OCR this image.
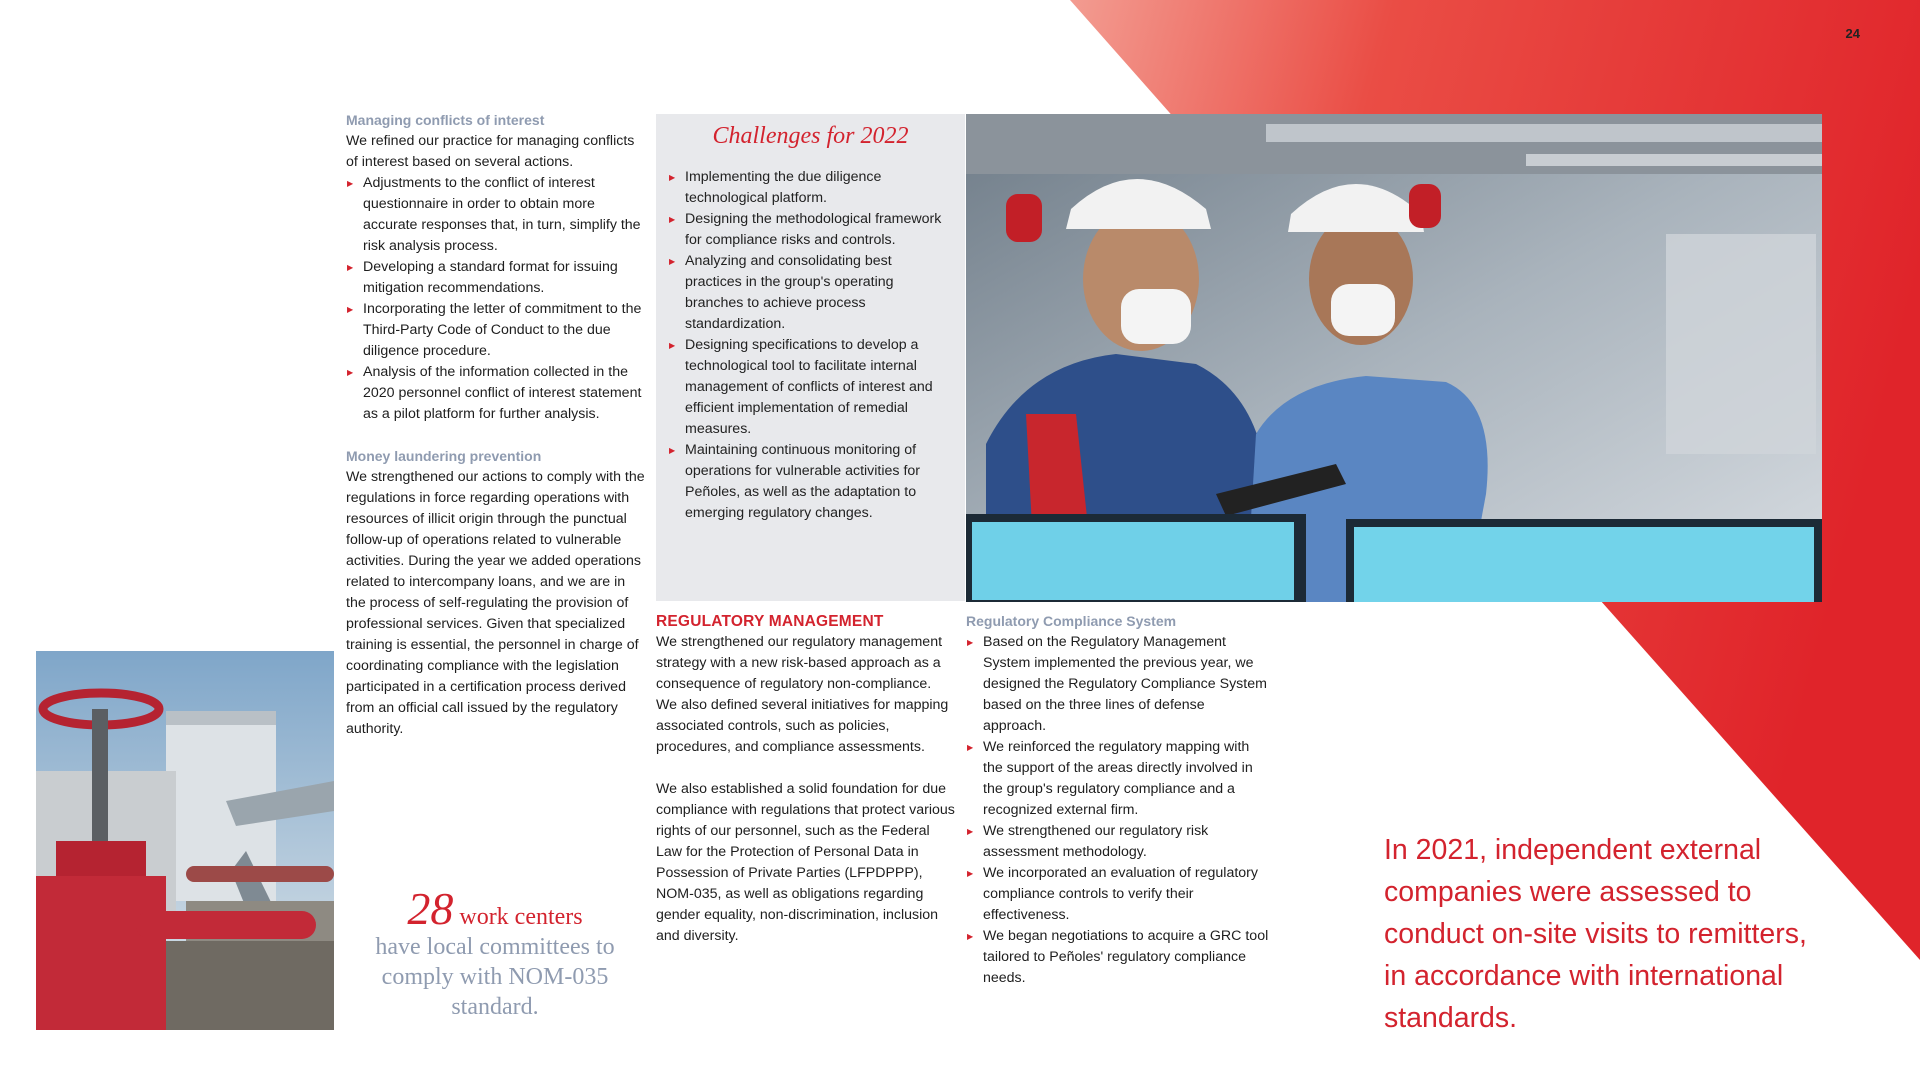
24
Managing conflicts of interest

We refined our practice for managing conflicts of interest based on several actions.

▶ Adjustments to the conflict of interest questionnaire in order to obtain more accurate responses that, in turn, simplify the risk analysis process.
▶ Developing a standard format for issuing mitigation recommendations.
▶ Incorporating the letter of commitment to the Third-Party Code of Conduct to the due diligence procedure.
▶ Analysis of the information collected in the 2020 personnel conflict of interest statement as a pilot platform for further analysis.
Money laundering prevention

We strengthened our actions to comply with the regulations in force regarding operations with resources of illicit origin through the punctual follow-up of operations related to vulnerable activities. During the year we added operations related to intercompany loans, and we are in the process of self-regulating the provision of professional services. Given that specialized training is essential, the personnel in charge of coordinating compliance with the legislation participated in a certification process derived from an official call issued by the regulatory authority.

Challenges for 2022
▶ Implementing the due diligence technological platform.
▶ Designing the methodological framework for compliance risks and controls.
▶ Analyzing and consolidating best practices in the group's operating branches to achieve process standardization.
▶ Designing specifications to develop a technological tool to facilitate internal management of conflicts of interest and efficient implementation of remedial measures.
▶ Maintaining continuous monitoring of operations for vulnerable activities for Peñoles, as well as the adaptation to emerging regulatory changes.
REGULATORY MANAGEMENT

We strengthened our regulatory management strategy with a new risk-based approach as a consequence of regulatory non-compliance. We also defined several initiatives for mapping associated controls, such as policies, procedures, and compliance assessments.

We also established a solid foundation for due compliance with regulations that protect various rights of our personnel, such as the Federal Law for the Protection of Personal Data in Possession of Private Parties (LFPDPPP), NOM-035, as well as obligations regarding gender equality, non-discrimination, inclusion and diversity.

Regulatory Compliance System
▶ Based on the Regulatory Management System implemented the previous year, we designed the Regulatory Compliance System based on the three lines of defense approach.
▶ We reinforced the regulatory mapping with the support of the areas directly involved in the group's regulatory compliance and a recognized external firm.
▶ We strengthened our regulatory risk assessment methodology.
▶ We incorporated an evaluation of regulatory compliance controls to verify their effectiveness.
▶ We began negotiations to acquire a GRC tool tailored to Peñoles' regulatory compliance needs.
28 work centers
have local committees to comply with NOM-035 standard.
In 2021, independent external companies were assessed to conduct on-site visits to remitters, in accordance with international standards.
